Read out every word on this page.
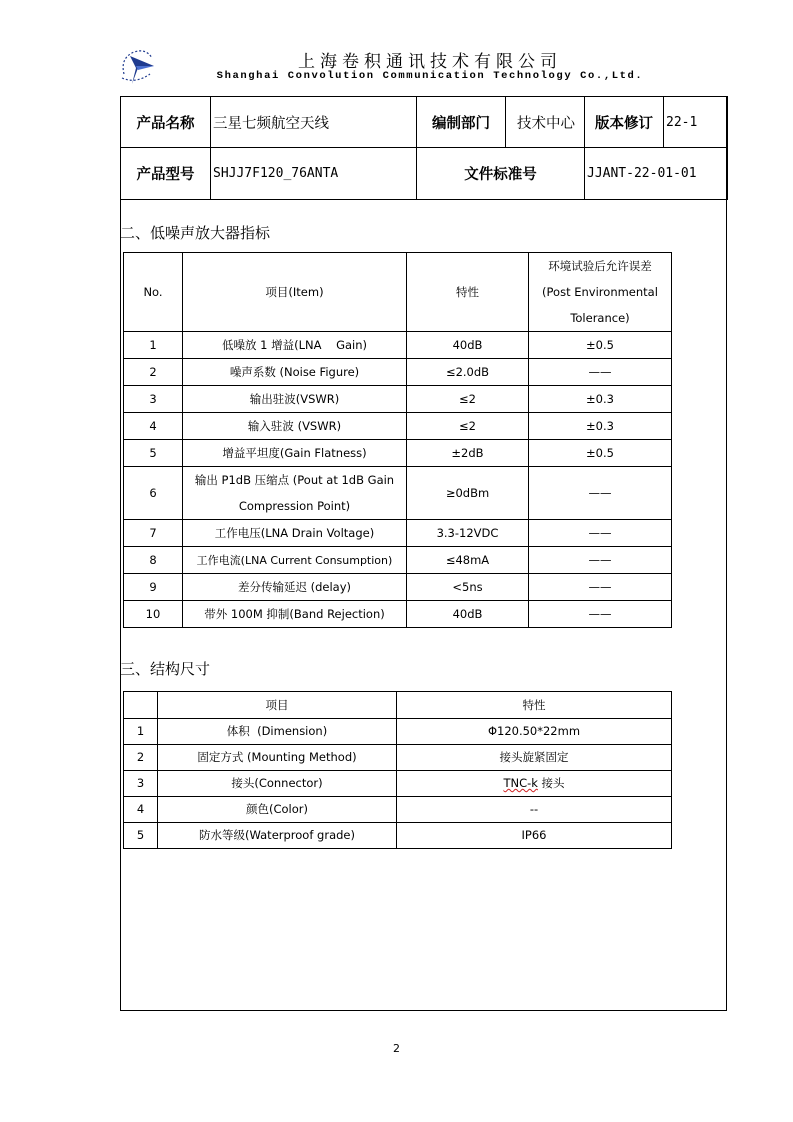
上海卷积通讯技术有限公司
Shanghai Convolution Communication Technology Co.,Ltd.
产品名称	三星七频航空天线	编制部门	技术中心	版本修订	22-1
产品型号	SHJJ7F120_76ANTA	文件标准号		JJANT-22-01-01	
二、低噪声放大器指标
No.	项目(Item)	特性	环境试验后允许误差
(Post Environmental
Tolerance)

1	低噪放 1 增益(LNA    Gain)	40dB	±0.5
2	噪声系数 (Noise Figure)	≤2.0dB	——
3	输出驻波(VSWR)	≤2	±0.3
4	输入驻波 (VSWR)	≤2	±0.3
5	增益平坦度(Gain Flatness)	±2dB	±0.5
6	输出 P1dB 压缩点 (Pout at 1dB Gain Compression Point)	≥0dBm	——
7	工作电压(LNA Drain Voltage)	3.3-12VDC	——
8	工作电流(LNA Current Consumption)	≤48mA	——
9	差分传输延迟 (delay)	<5ns	——
10	带外 100M 抑制(Band Rejection)	40dB	——
三、结构尺寸
	项目	特性
1	体积  (Dimension)	Φ120.50*22mm
2	固定方式 (Mounting Method)	接头旋紧固定
3	接头(Connector)	TNC-k 接头
4	颜色(Color)	--
5	防水等级(Waterproof grade)	IP66
2
